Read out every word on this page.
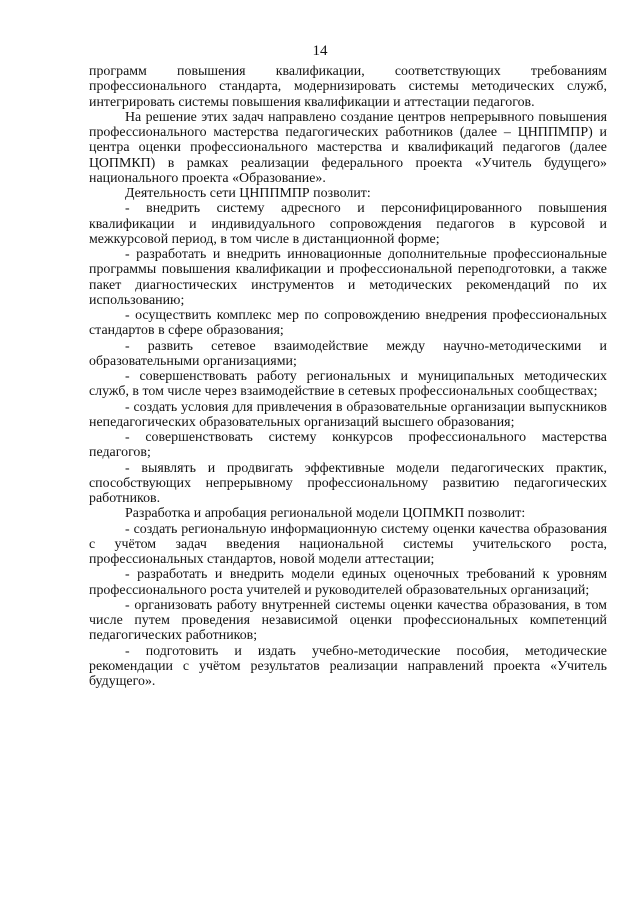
14

программ повышения квалификации, соответствующих требованиям профессионального стандарта, модернизировать системы методических служб, интегрировать системы повышения квалификации и аттестации педагогов.

На решение этих задач направлено создание центров непрерывного повышения профессионального мастерства педагогических работников (далее – ЦНППМПР) и центра оценки профессионального мастерства и квалификаций педагогов (далее ЦОПМКП) в рамках реализации федерального проекта «Учитель будущего» национального проекта «Образование».

Деятельность сети ЦНППМПР позволит:

- внедрить систему адресного и персонифицированного повышения квалификации и индивидуального сопровождения педагогов в курсовой и межкурсовой период, в том числе в дистанционной форме;

- разработать и внедрить инновационные дополнительные профессиональные программы повышения квалификации и профессиональной переподготовки, а также пакет диагностических инструментов и методических рекомендаций по их использованию;

- осуществить комплекс мер по сопровождению внедрения профессиональных стандартов в сфере образования;

- развить сетевое взаимодействие между научно-методическими и образовательными организациями;

- совершенствовать работу региональных и муниципальных методических служб, в том числе через взаимодействие в сетевых профессиональных сообществах;

- создать условия для привлечения в образовательные организации выпускников непедагогических образовательных организаций высшего образования;

- совершенствовать систему конкурсов профессионального мастерства педагогов;

- выявлять и продвигать эффективные модели педагогических практик, способствующих непрерывному профессиональному развитию педагогических работников.

Разработка и апробация региональной модели ЦОПМКП позволит:

- создать региональную информационную систему оценки качества образования с учётом задач введения национальной системы учительского роста, профессиональных стандартов, новой модели аттестации;

- разработать и внедрить модели единых оценочных требований к уровням профессионального роста учителей и руководителей образовательных организаций;

- организовать работу внутренней системы оценки качества образования, в том числе путем проведения независимой оценки профессиональных компетенций педагогических работников;

- подготовить и издать учебно-методические пособия, методические рекомендации с учётом результатов реализации направлений проекта «Учитель будущего».
